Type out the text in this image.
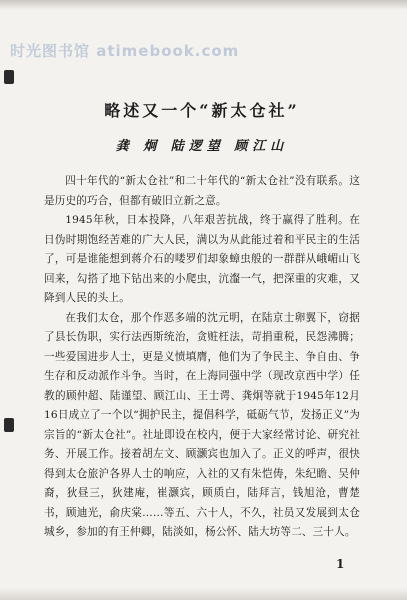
时光图书馆 atimebook.com
略述又一个“新太仓社”
龚 炯 陆逻望 顾江山

四十年代的“新太仓社”和二十年代的“新太仓社”没有联系。这是历史的巧合，但都有破旧立新之意。

1945年秋，日本投降，八年艰苦抗战，终于赢得了胜利。在日伪时期饱经苦难的广大人民，满以为从此能过着和平民主的生活了，可是谁能想到蒋介石的喽罗们却象蟑虫般的一群群从峨嵋山飞回来，勾搭了地下钻出来的小爬虫，沆瀣一气，把深重的灾难，又降到人民的头上。

在我们太仓，那个作恶多端的沈元明，在陆京士卵翼下，窃据了县长伪职，实行法西斯统治，贪赃枉法，苛捐重税，民怨沸腾；一些爱国进步人士，更是义愤填膺，他们为了争民主、争自由、争生存和反动派作斗争。当时，在上海同强中学（现改京西中学）任教的顾仲超、陆谨望、顾江山、王士谔、龚炯等就于1945年12月16日成立了一个以“拥护民主，提倡科学，砥砺气节，发扬正义”为宗旨的“新太仓社”。社址即设在校内，便于大家经常讨论、研究社务、开展工作。接着胡左文、顾灏宾也加入了。正义的呼声，很快得到太仓旅沪各界人士的响应，入社的又有朱恺俦，朱纪瞻、吴仲裔，狄昼三，狄建庵，崔灏宾，顾质白，陆拜言，钱旭沧，曹楚书，顾迪光，俞庆棠……等五、六十人，不久，社员又发展到太仓城乡，参加的有王仲卿，陆淡如，杨公怀、陆大坊等二、三十人。

1
